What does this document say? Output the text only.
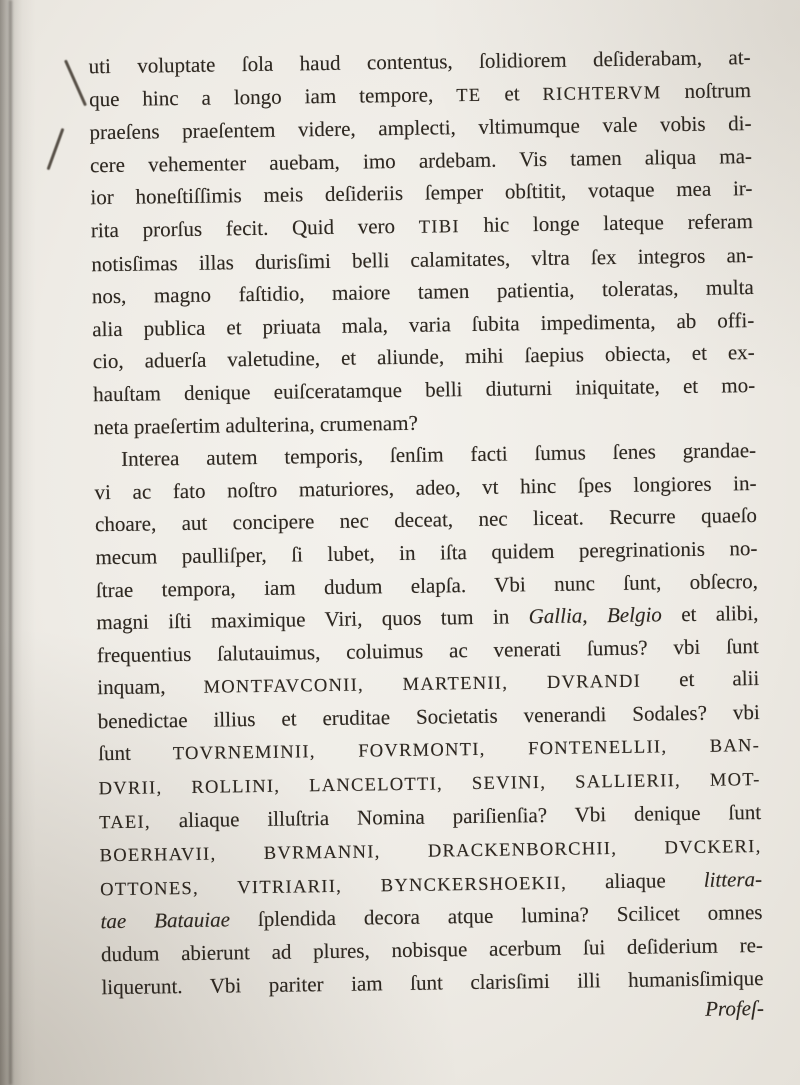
uti voluptate ſola haud contentus, ſolidiorem deſiderabam, at-
que hinc a longo iam tempore, TE et RICHTERVM noſtrum
praeſens praeſentem videre, amplecti, vltimumque vale vobis di-
cere vehementer auebam, imo ardebam. Vis tamen aliqua ma-
ior honeſtiſſimis meis deſideriis ſemper obſtitit, votaque mea ir-
rita prorſus fecit. Quid vero TIBI hic longe lateque referam
notisſimas illas durisſimi belli calamitates, vltra ſex integros an-
nos, magno faſtidio, maiore tamen patientia, toleratas, multa
alia publica et priuata mala, varia ſubita impedimenta, ab offi-
cio, aduerſa valetudine, et aliunde, mihi ſaepius obiecta, et ex-
hauſtam denique euiſceratamque belli diuturni iniquitate, et mo-
neta praeſertim adulterina, crumenam?
Interea autem temporis, ſenſim facti ſumus ſenes grandae-
vi ac fato noſtro maturiores, adeo, vt hinc ſpes longiores in-
choare, aut concipere nec deceat, nec liceat. Recurre quaeſo
mecum paulliſper, ſi lubet, in iſta quidem peregrinationis no-
ſtrae tempora, iam dudum elapſa. Vbi nunc ſunt, obſecro,
magni iſti maximique Viri, quos tum in Gallia, Belgio et alibi,
frequentius ſalutauimus, coluimus ac venerati ſumus? vbi ſunt
inquam, MONTFAVCONII, MARTENII, DVRANDI et alii
benedictae illius et eruditae Societatis venerandi Sodales? vbi
ſunt TOVRNEMINII, FOVRMONTI, FONTENELLII, BAN-
DVRII, ROLLINI, LANCELOTTI, SEVINI, SALLIERII, MOT-
TAEI, aliaque illuſtria Nomina pariſienſia? Vbi denique ſunt
BOERHAVII, BVRMANNI, DRACKENBORCHII, DVCKERI,
OTTONES, VITRIARII, BYNCKERSHOEKII, aliaque littera-
tae Batauiae ſplendida decora atque lumina? Scilicet omnes
dudum abierunt ad plures, nobisque acerbum ſui deſiderium re-
liquerunt. Vbi pariter iam ſunt clarisſimi illi humanisſimique
Profeſ-
